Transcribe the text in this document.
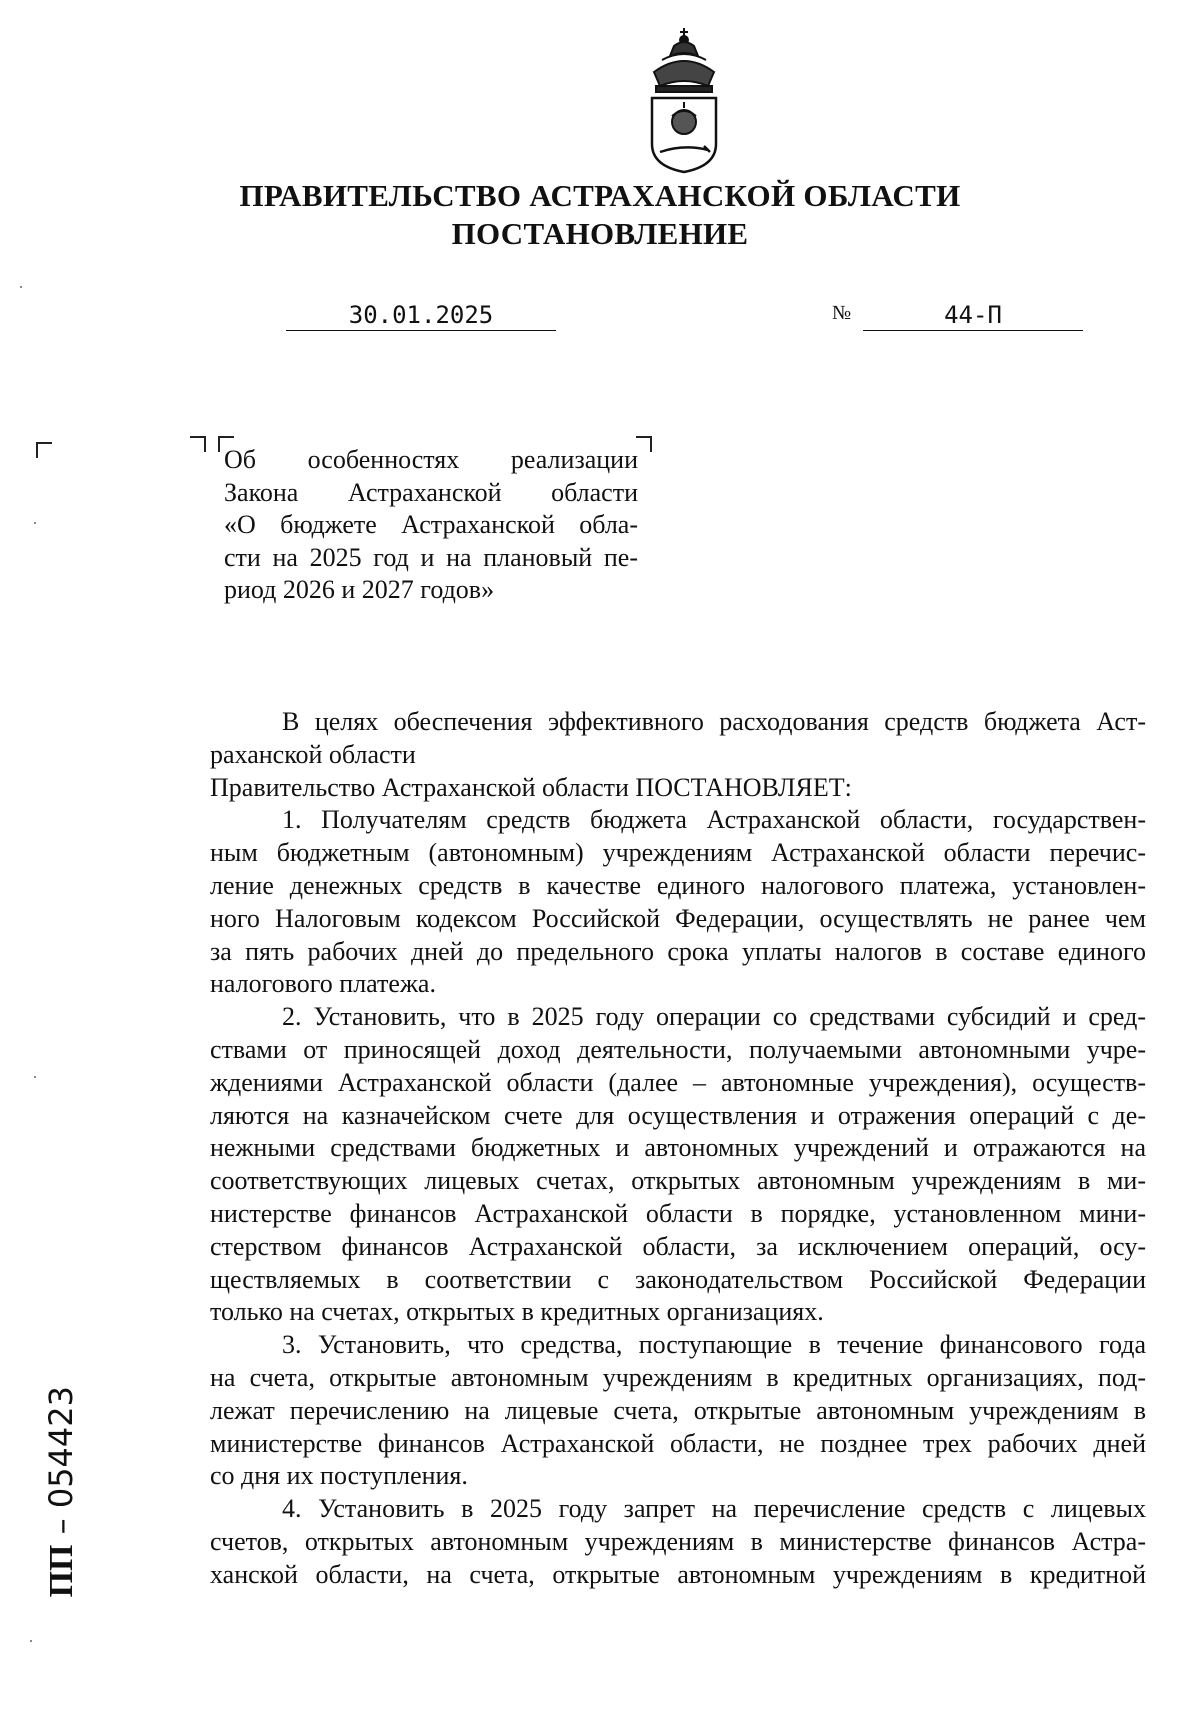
ПРАВИТЕЛЬСТВО АСТРАХАНСКОЙ ОБЛАСТИ
ПОСТАНОВЛЕНИЕ
30.01.2025	№	44-П
Об особенностях реализации
Закона Астраханской области
«О бюджете Астраханской обла-
сти на 2025 год и на плановый пе-
риод 2026 и 2027 годов»

В целях обеспечения эффективного расходования средств бюджета Аст-

раханской области
Правительство Астраханской области ПОСТАНОВЛЯЕТ:

1. Получателям средств бюджета Астраханской области, государствен-

ным бюджетным (автономным) учреждениям Астраханской области перечис-
ление денежных средств в качестве единого налогового платежа, установлен-
ного Налоговым кодексом Российской Федерации, осуществлять не ранее чем
за пять рабочих дней до предельного срока уплаты налогов в составе единого
налогового платежа.

2. Установить, что в 2025 году операции со средствами субсидий и сред-

ствами от приносящей доход деятельности, получаемыми автономными учре-
ждениями Астраханской области (далее – автономные учреждения), осуществ-
ляются на казначейском счете для осуществления и отражения операций с де-
нежными средствами бюджетных и автономных учреждений и отражаются на
соответствующих лицевых счетах, открытых автономным учреждениям в ми-
нистерстве финансов Астраханской области в порядке, установленном мини-
стерством финансов Астраханской области, за исключением операций, осу-
ществляемых в соответствии с законодательством Российской Федерации
только на счетах, открытых в кредитных организациях.

3. Установить, что средства, поступающие в течение финансового года

на счета, открытые автономным учреждениям в кредитных организациях, под-
лежат перечислению на лицевые счета, открытые автономным учреждениям в
министерстве финансов Астраханской области, не позднее трех рабочих дней
со дня их поступления.

4. Установить в 2025 году запрет на перечисление средств с лицевых

счетов, открытых автономным учреждениям в министерстве финансов Астра-
ханской области, на счета, открытые автономным учреждениям в кредитной

ПП – 054423
